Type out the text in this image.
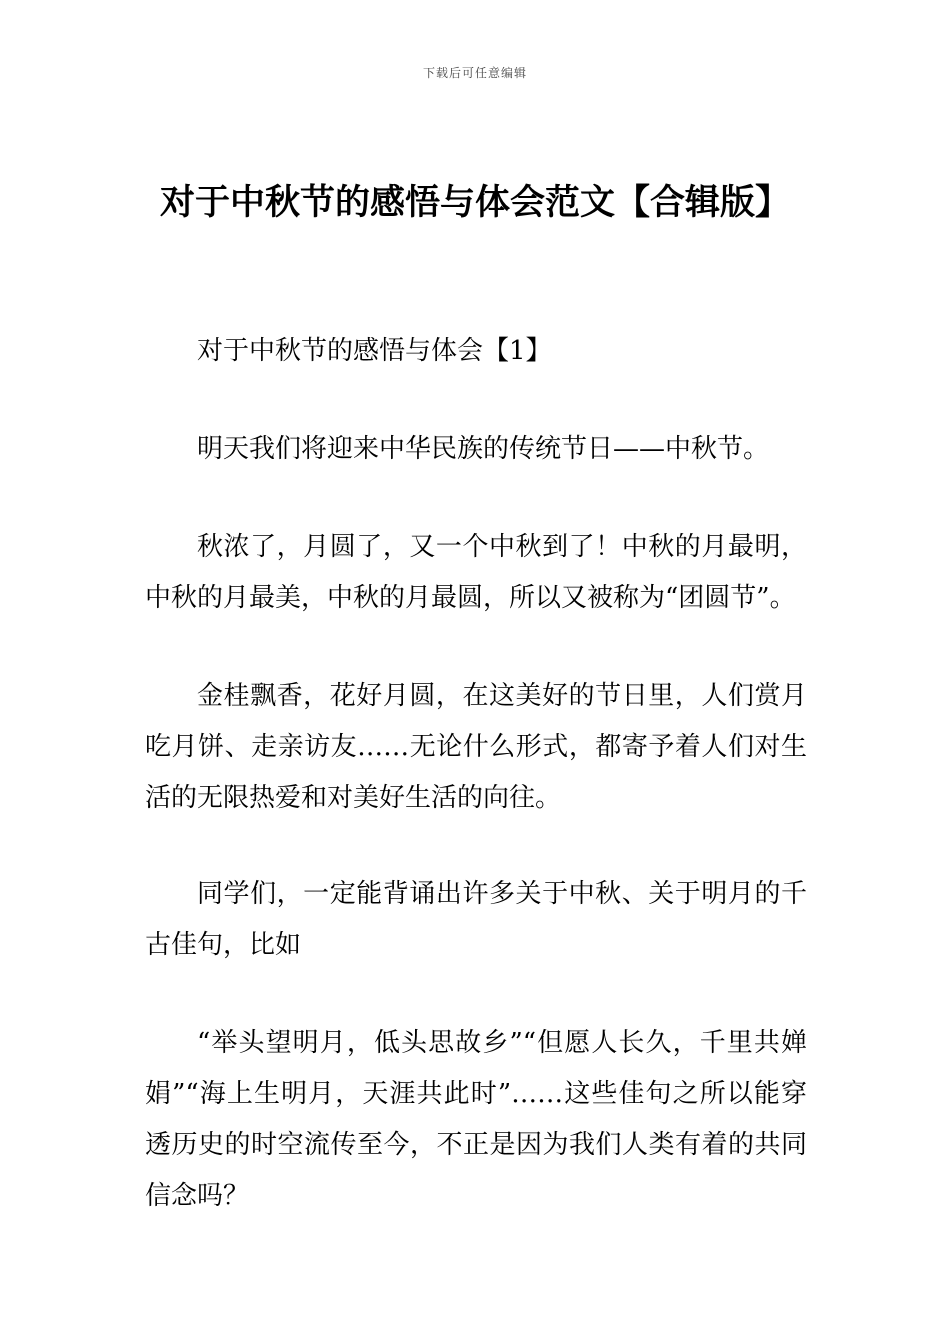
下载后可任意编辑
对于中秋节的感悟与体会范文【合辑版】

对于中秋节的感悟与体会【1】

明天我们将迎来中华民族的传统节日——中秋节。

秋浓了，月圆了，又一个中秋到了！中秋的月最明，中秋的月最美，中秋的月最圆，所以又被称为“团圆节”。

金桂飘香，花好月圆，在这美好的节日里，人们赏月吃月饼、走亲访友……无论什么形式，都寄予着人们对生活的无限热爱和对美好生活的向往。

同学们，一定能背诵出许多关于中秋、关于明月的千古佳句，比如

“举头望明月，低头思故乡”“但愿人长久，千里共婵娟”“海上生明月，天涯共此时”……这些佳句之所以能穿透历史的时空流传至今，不正是因为我们人类有着的共同信念吗？
